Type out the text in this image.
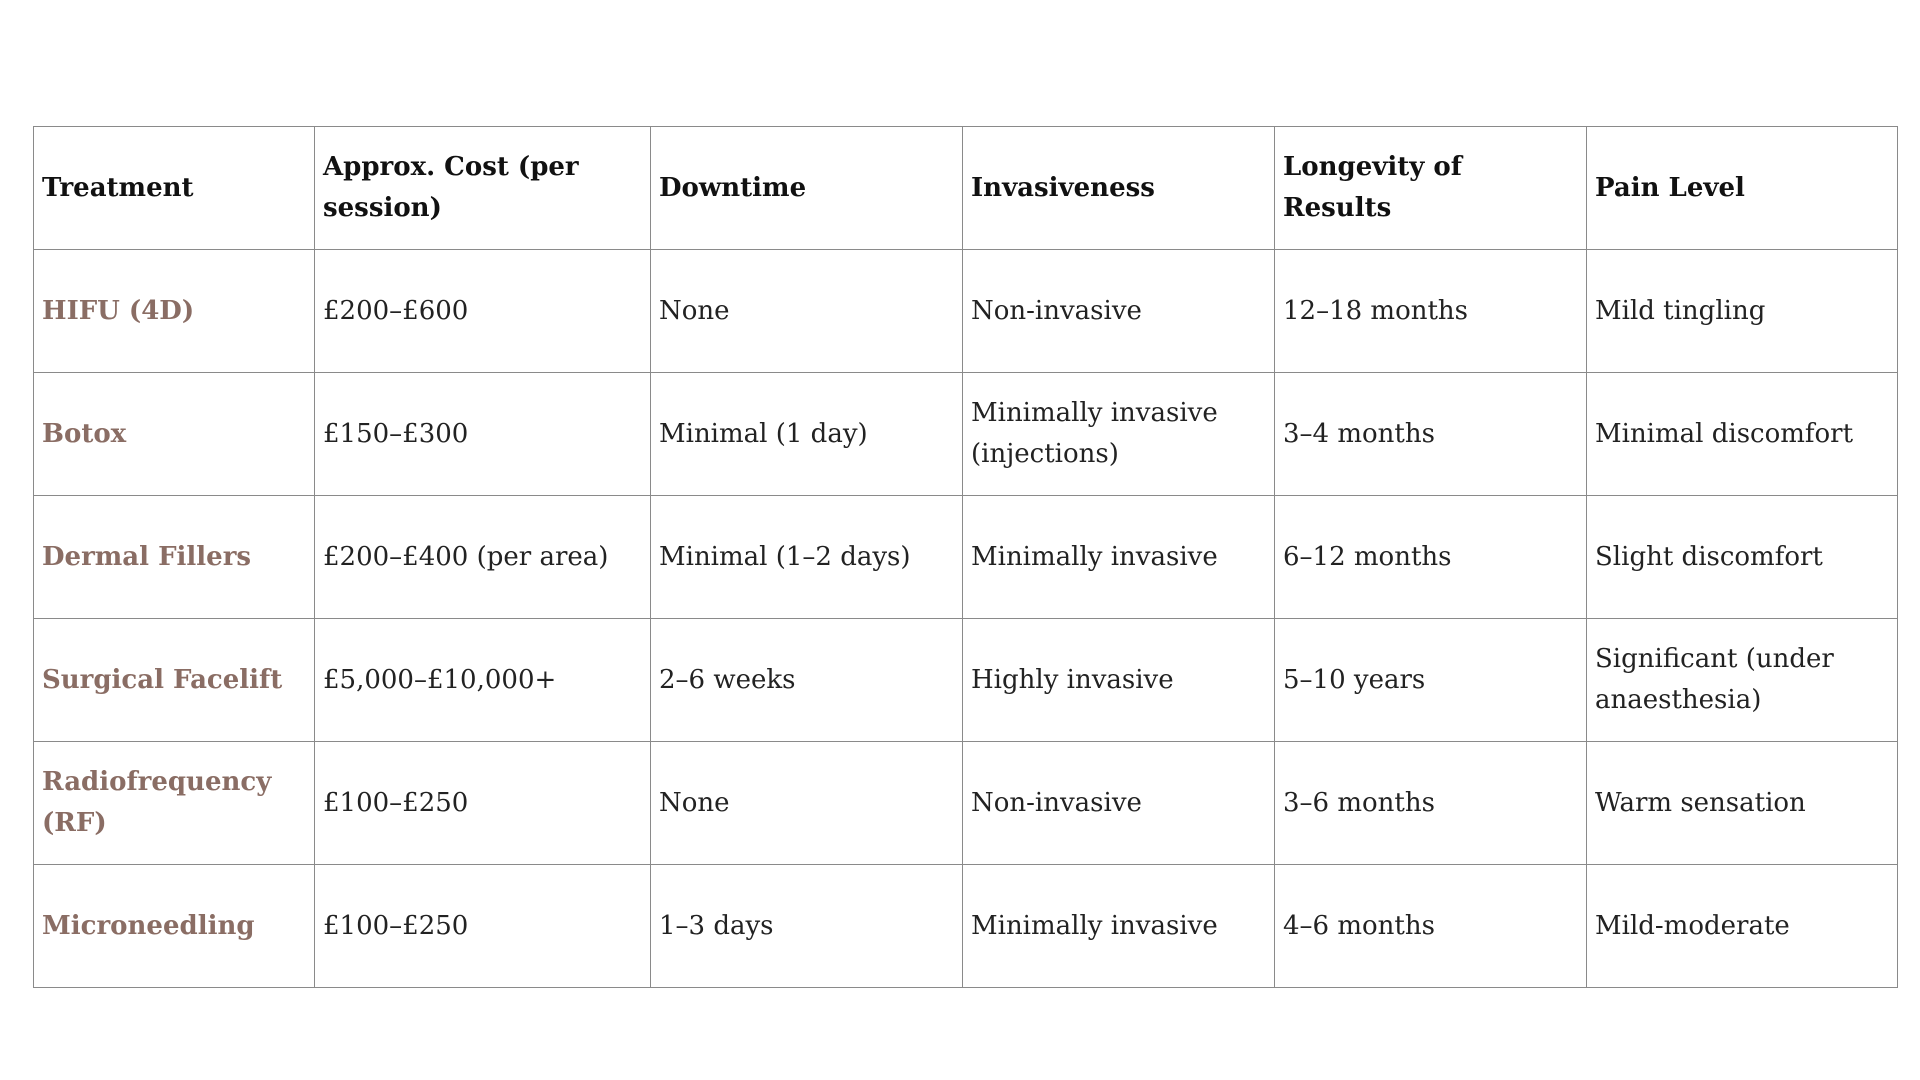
Treatment	Approx. Cost (per session)	Downtime	Invasiveness	Longevity of Results	Pain Level
HIFU (4D)	£200–£600	None	Non-invasive	12–18 months	Mild tingling
Botox	£150–£300	Minimal (1 day)	Minimally invasive (injections)	3–4 months	Minimal discomfort
Dermal Fillers	£200–£400 (per area)	Minimal (1–2 days)	Minimally invasive	6–12 months	Slight discomfort
Surgical Facelift	£5,000–£10,000+	2–6 weeks	Highly invasive	5–10 years	Significant (under anaesthesia)
Radiofrequency (RF)	£100–£250	None	Non-invasive	3–6 months	Warm sensation
Microneedling	£100–£250	1–3 days	Minimally invasive	4–6 months	Mild-moderate
